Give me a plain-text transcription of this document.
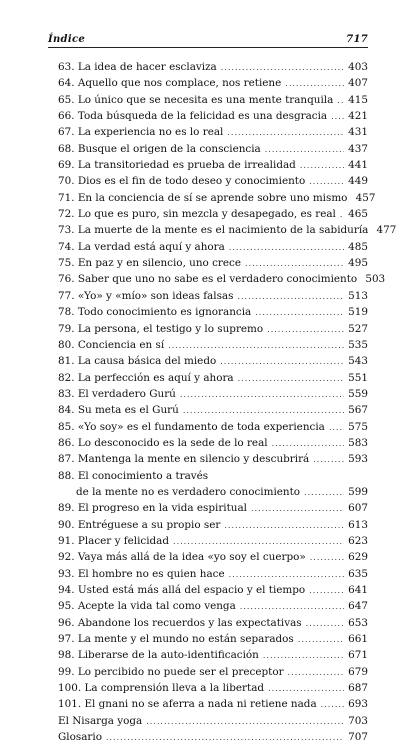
Índice	717
63. La idea de hacer esclaviza .....	403
64. Aquello que nos complace, nos retiene .....	407
65. Lo único que se necesita es una mente tranquila ..... 415
66. Toda búsqueda de la felicidad es una desgracia ..... 421
67. La experiencia no es lo real .....	431
68. Busque el origen de la consciencia .....	437
69. La transitoriedad es prueba de irrealidad .....	441
70. Dios es el fin de todo deseo y conocimiento .....	449
71. En la conciencia de sí se aprende sobre uno mismo 457
72. Lo que es puro, sin mezcla y desapegado, es real ..... 465
73. La muerte de la mente es el nacimiento de la sabiduría 477
74. La verdad está aquí y ahora .....	485
75. En paz y en silencio, uno crece .....	495
76. Saber que uno no sabe es el verdadero conocimiento 503
77. «Yo» y «mío» son ideas falsas .....	513
78. Todo conocimiento es ignorancia .....	519
79. La persona, el testigo y lo supremo .....	527
80. Conciencia en sí .....	535
81. La causa básica del miedo .....	543
82. La perfección es aquí y ahora .....	551
83. El verdadero Gurú .....	559
84. Su meta es el Gurú .....	567
85. «Yo soy» es el fundamento de toda experiencia ..... 575
86. Lo desconocido es la sede de lo real .....	583
87. Mantenga la mente en silencio y descubrirá .....	593
88. El conocimiento a través
de la mente no es verdadero conocimiento .....	599
89. El progreso en la vida espiritual .....	607
90. Entréguese a su propio ser .....	613
91. Placer y felicidad .....	623
92. Vaya más allá de la idea «yo soy el cuerpo» .....	629
93. El hombre no es quien hace .....	635
94. Usted está más allá del espacio y el tiempo .....	641
95. Acepte la vida tal como venga .....	647
96. Abandone los recuerdos y las expectativas .....	653
97. La mente y el mundo no están separados .....	661
98. Liberarse de la auto-identificación .....	671
99. Lo percibido no puede ser el preceptor .....	679
100. La comprensión lleva a la libertad .....	687
101. El gnani no se aferra a nada ni retiene nada .....	693
El Nisarga yoga .....	703
Glosario .....	707
